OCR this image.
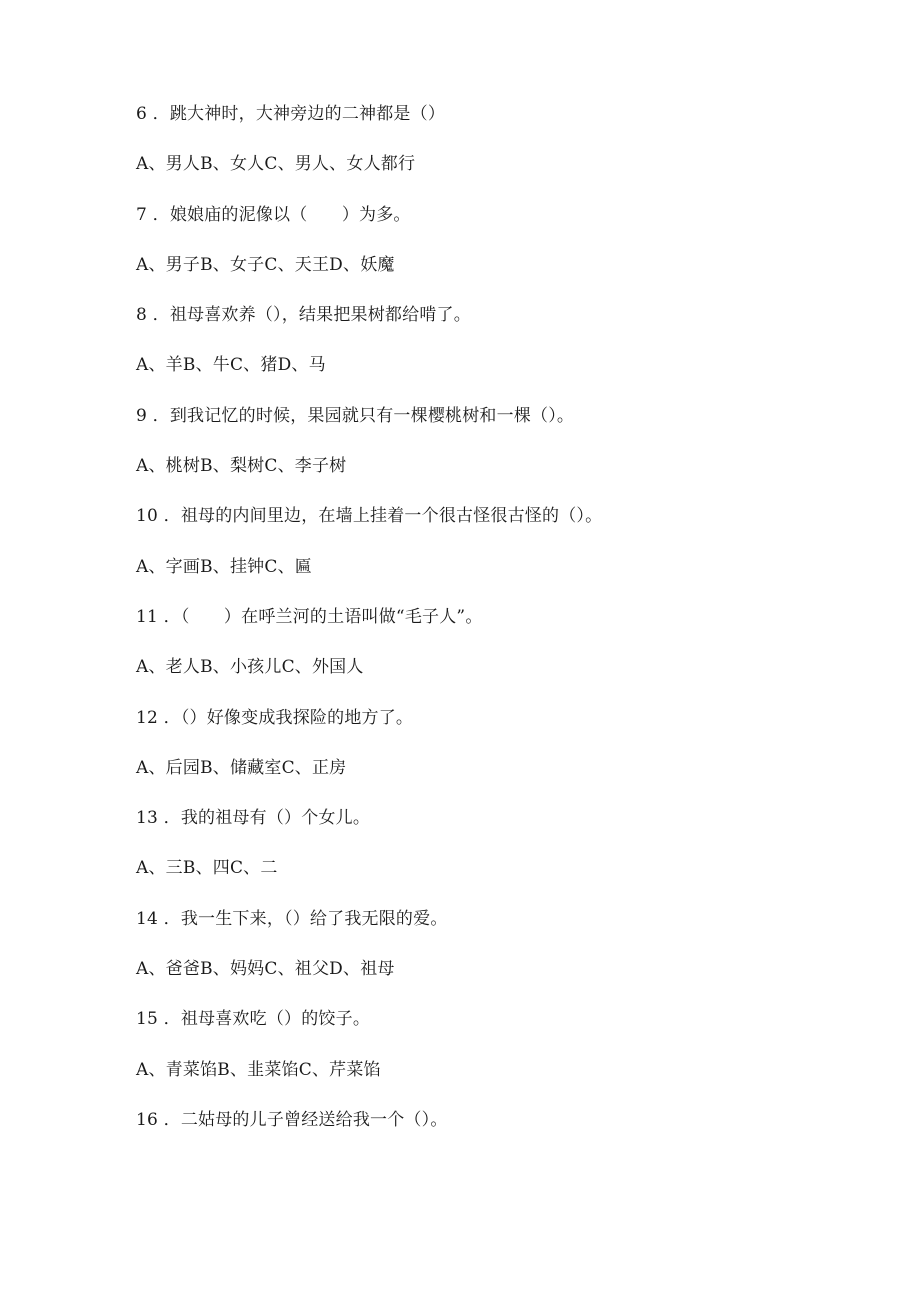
6 ．跳大神时，大神旁边的二神都是（）
A、男人B、女人C、男人、女人都行
7 ．娘娘庙的泥像以（　　）为多。
A、男子B、女子C、天王D、妖魔
8 ．祖母喜欢养（），结果把果树都给啃了。
A、羊B、牛C、猪D、马
9 ．到我记忆的时候，果园就只有一棵樱桃树和一棵（）。
A、桃树B、梨树C、李子树
10 ．祖母的内间里边，在墙上挂着一个很古怪很古怪的（）。
A、字画B、挂钟C、匾
11 ．（　　）在呼兰河的土语叫做“毛子人”。
A、老人B、小孩儿C、外国人
12 ．（）好像变成我探险的地方了。
A、后园B、储藏室C、正房
13 ．我的祖母有（）个女儿。
A、三B、四C、二
14 ．我一生下来，（）给了我无限的爱。
A、爸爸B、妈妈C、祖父D、祖母
15 ．祖母喜欢吃（）的饺子。
A、青菜馅B、韭菜馅C、芹菜馅
16 ．二姑母的儿子曾经送给我一个（）。
